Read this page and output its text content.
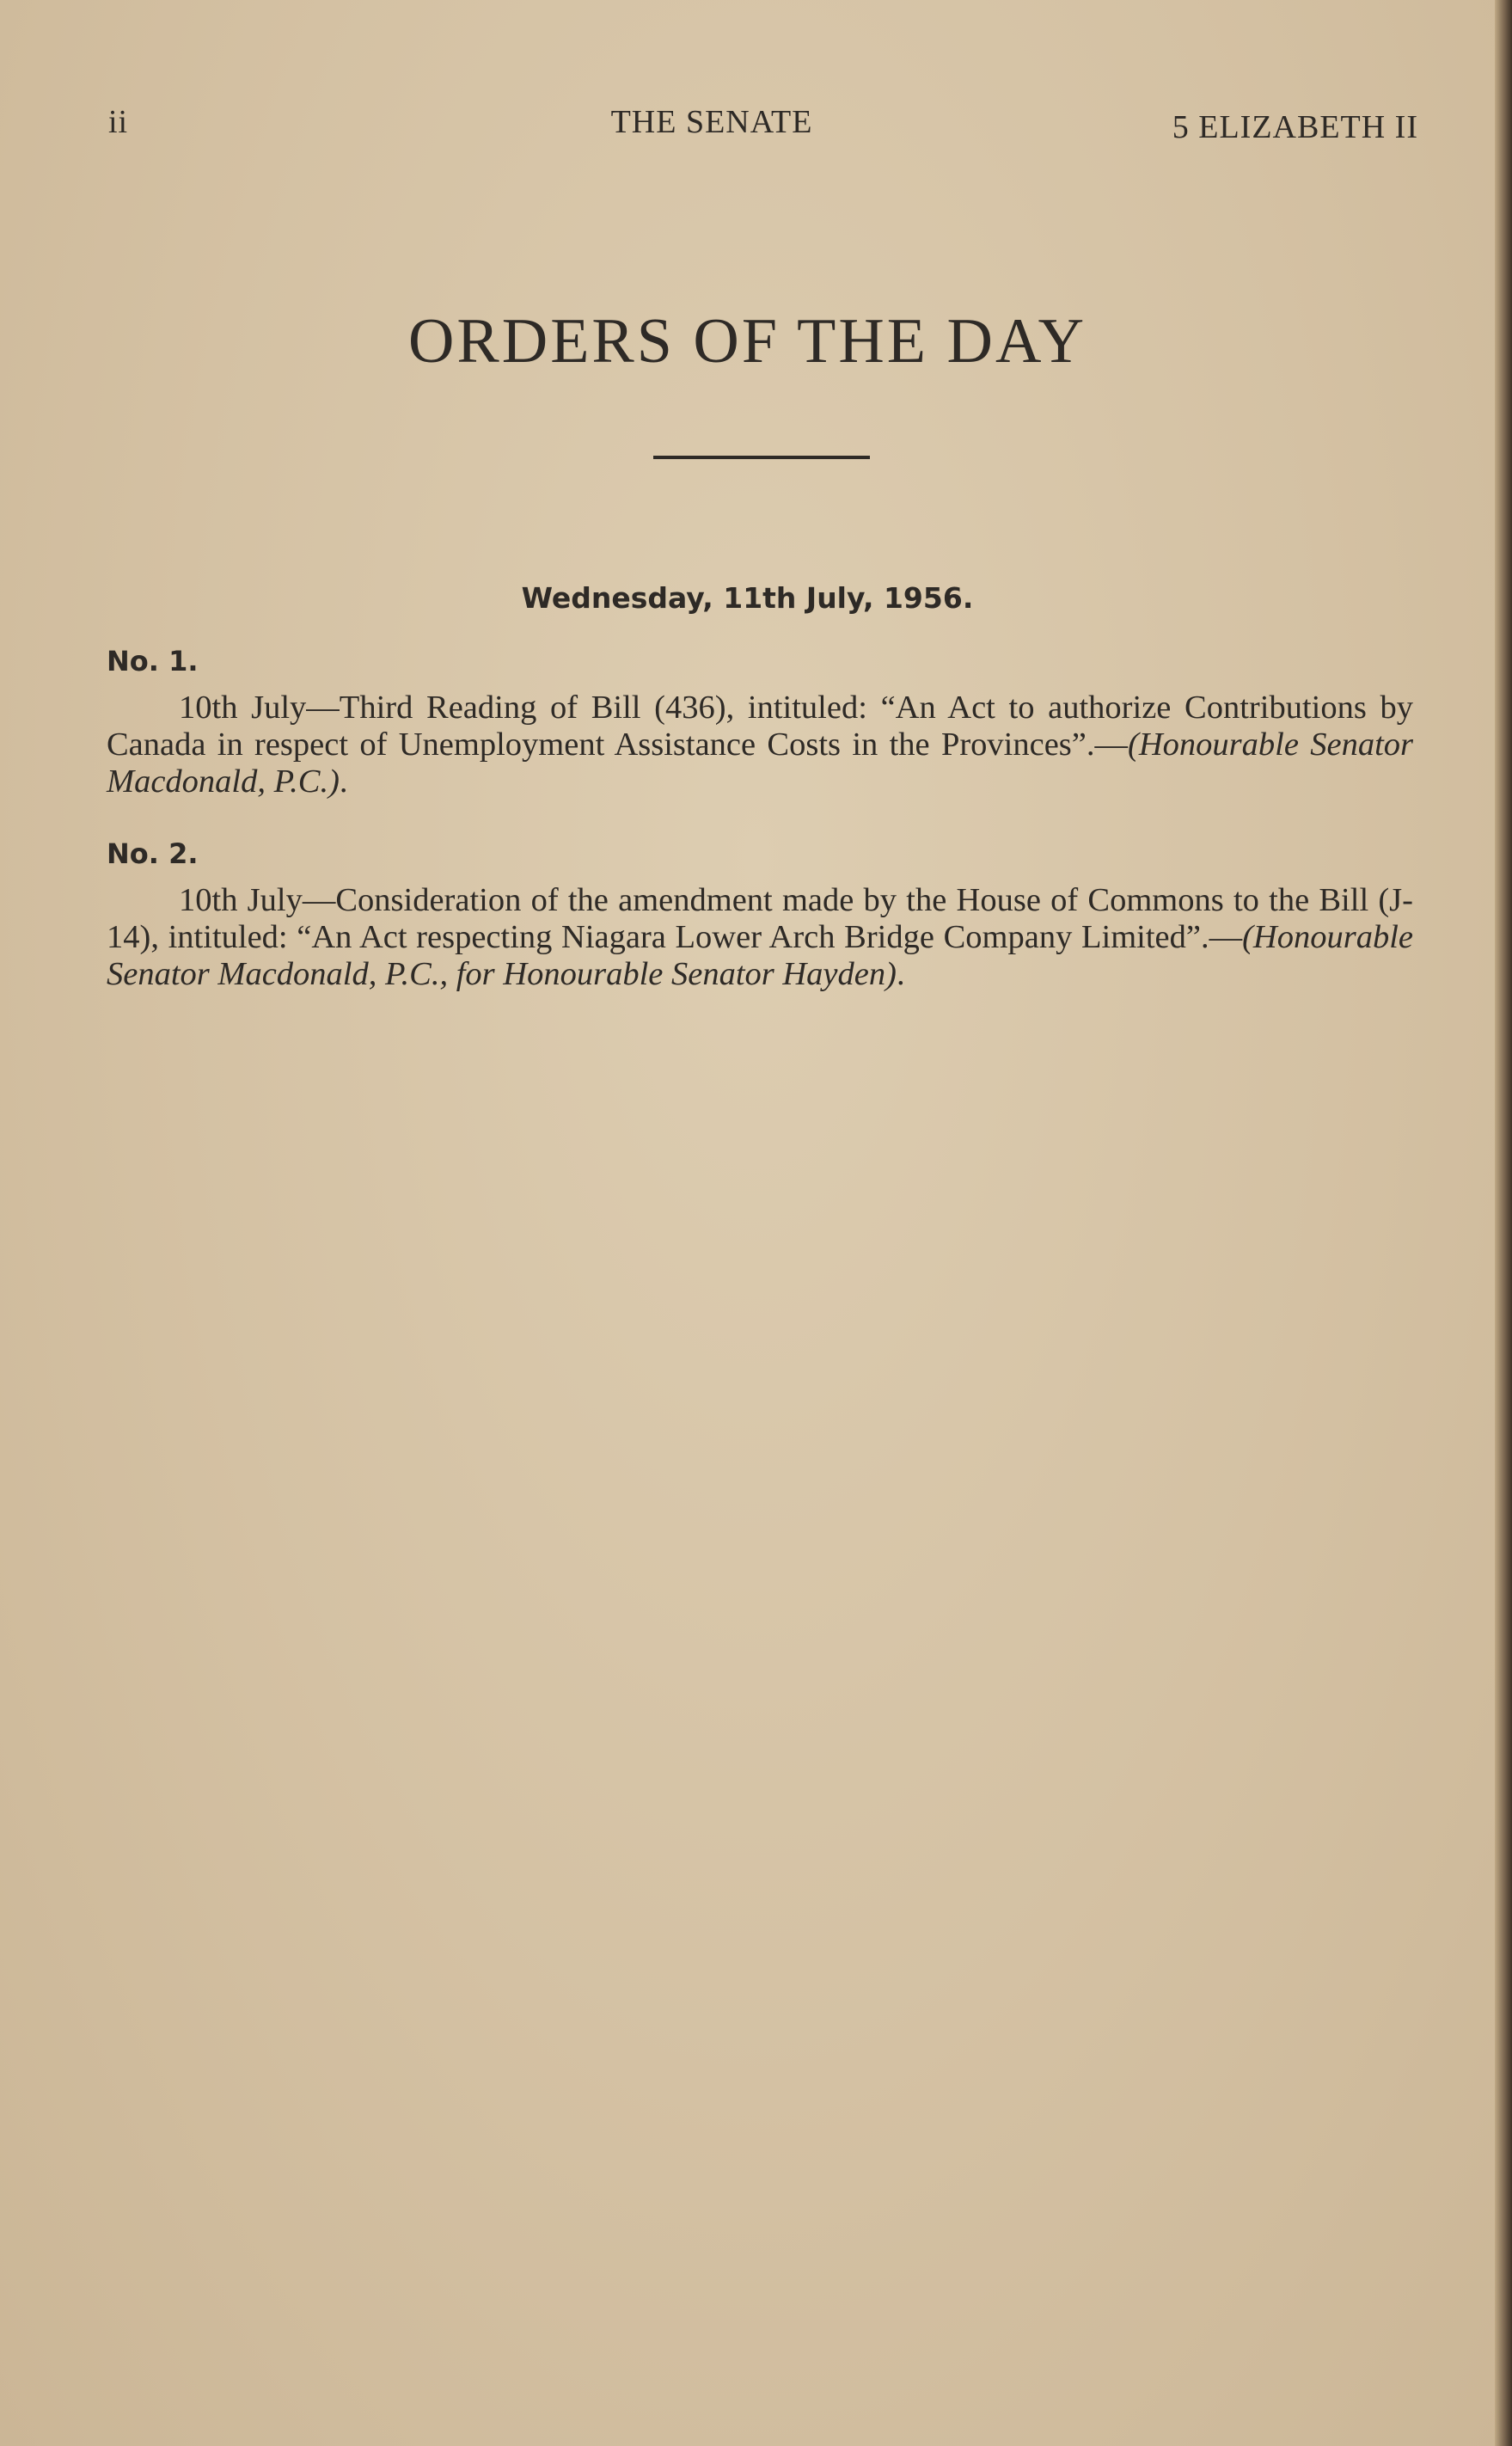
ii	THE SENATE	5 ELIZABETH II
ORDERS OF THE DAY
Wednesday, 11th July, 1956.

No. 1.

10th July—Third Reading of Bill (436), intituled: “An Act to authorize Contributions by Canada in respect of Unemployment Assistance Costs in the Provinces”.—(Honourable Senator Macdonald, P.C.).

No. 2.

10th July—Consideration of the amendment made by the House of Commons to the Bill (J-14), intituled: “An Act respecting Niagara Lower Arch Bridge Company Limited”.—(Honourable Senator Macdonald, P.C., for Honourable Senator Hayden).
